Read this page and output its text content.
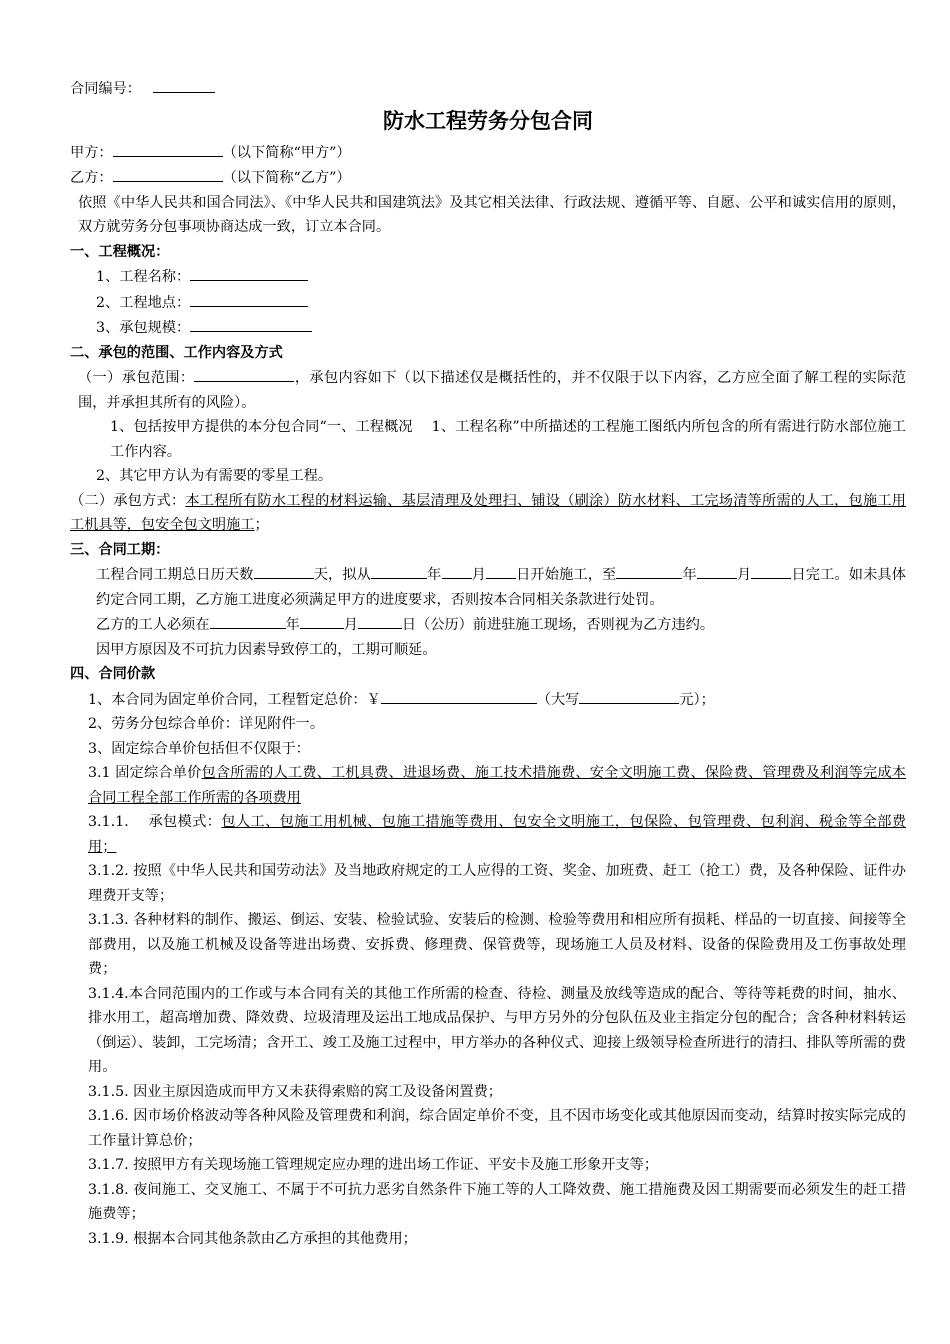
合同编号：

防水工程劳务分包合同

甲方：	（以下简称“甲方”）

乙方：	（以下简称“乙方”）

依照《中华人民共和国合同法》、《中华人民共和国建筑法》及其它相关法律、行政法规、遵循平等、自愿、公平和诚实信用的原则，双方就劳务分包事项协商达成一致，订立本合同。

一、工程概况：

1、工程名称：

2、工程地点：

3、承包规模：

二、承包的范围、工作内容及方式

（一）承包范围：	，承包内容如下（以下描述仅是概括性的，并不仅限于以下内容，乙方应全面了解工程的实际范围，并承担其所有的风险）。

1、包括按甲方提供的本分包合同“一、工程概况　 1、工程名称”中所描述的工程施工图纸内所包含的所有需进行防水部位施工工作内容。

2、其它甲方认为有需要的零星工程。

（二）承包方式：本工程所有防水工程的材料运输、基层清理及处理扫、铺设（刷涂）防水材料、工完场清等所需的人工，包施工用工机具等，包安全包文明施工；

三、合同工期：

工程合同工期总日历天数	天，拟从	年 月 日开始施工，至	年	月	日完工。如未具体约定合同工期，乙方施工进度必须满足甲方的进度要求，否则按本合同相关条款进行处罚。

乙方的工人必须在	年	月	日（公历）前进驻施工现场，否则视为乙方违约。

因甲方原因及不可抗力因素导致停工的，工期可顺延。

四、合同价款

1、本合同为固定单价合同，工程暂定总价：￥	（大写	元）；

2、劳务分包综合单价：详见附件一。

3、固定综合单价包括但不仅限于：

3.1 固定综合单价包含所需的人工费、工机具费、进退场费、施工技术措施费、安全文明施工费、保险费、管理费及利润等完成本合同工程全部工作所需的各项费用

3.1.1.　 承包模式：包人工、包施工用机械、包施工措施等费用、包安全文明施工，包保险、包管理费、包利润、税金等全部费用；

3.1.2. 按照《中华人民共和国劳动法》及当地政府规定的工人应得的工资、奖金、加班费、赶工（抢工）费，及各种保险、证件办理费开支等；

3.1.3. 各种材料的制作、搬运、倒运、安装、检验试验、安装后的检测、检验等费用和相应所有损耗、样品的一切直接、间接等全部费用，以及施工机械及设备等进出场费、安拆费、修理费、保管费等，现场施工人员及材料、设备的保险费用及工伤事故处理费；

3.1.4.本合同范围内的工作或与本合同有关的其他工作所需的检查、待检、测量及放线等造成的配合、等待等耗费的时间，抽水、排水用工，超高增加费、降效费、垃圾清理及运出工地成品保护、与甲方另外的分包队伍及业主指定分包的配合；含各种材料转运（倒运）、装卸，工完场清；含开工、竣工及施工过程中，甲方举办的各种仪式、迎接上级领导检查所进行的清扫、排队等所需的费用。

3.1.5. 因业主原因造成而甲方又未获得索赔的窝工及设备闲置费；

3.1.6. 因市场价格波动等各种风险及管理费和利润，综合固定单价不变，且不因市场变化或其他原因而变动，结算时按实际完成的工作量计算总价；

3.1.7. 按照甲方有关现场施工管理规定应办理的进出场工作证、平安卡及施工形象开支等；

3.1.8. 夜间施工、交叉施工、不属于不可抗力恶劣自然条件下施工等的人工降效费、施工措施费及因工期需要而必须发生的赶工措施费等；

3.1.9. 根据本合同其他条款由乙方承担的其他费用；
